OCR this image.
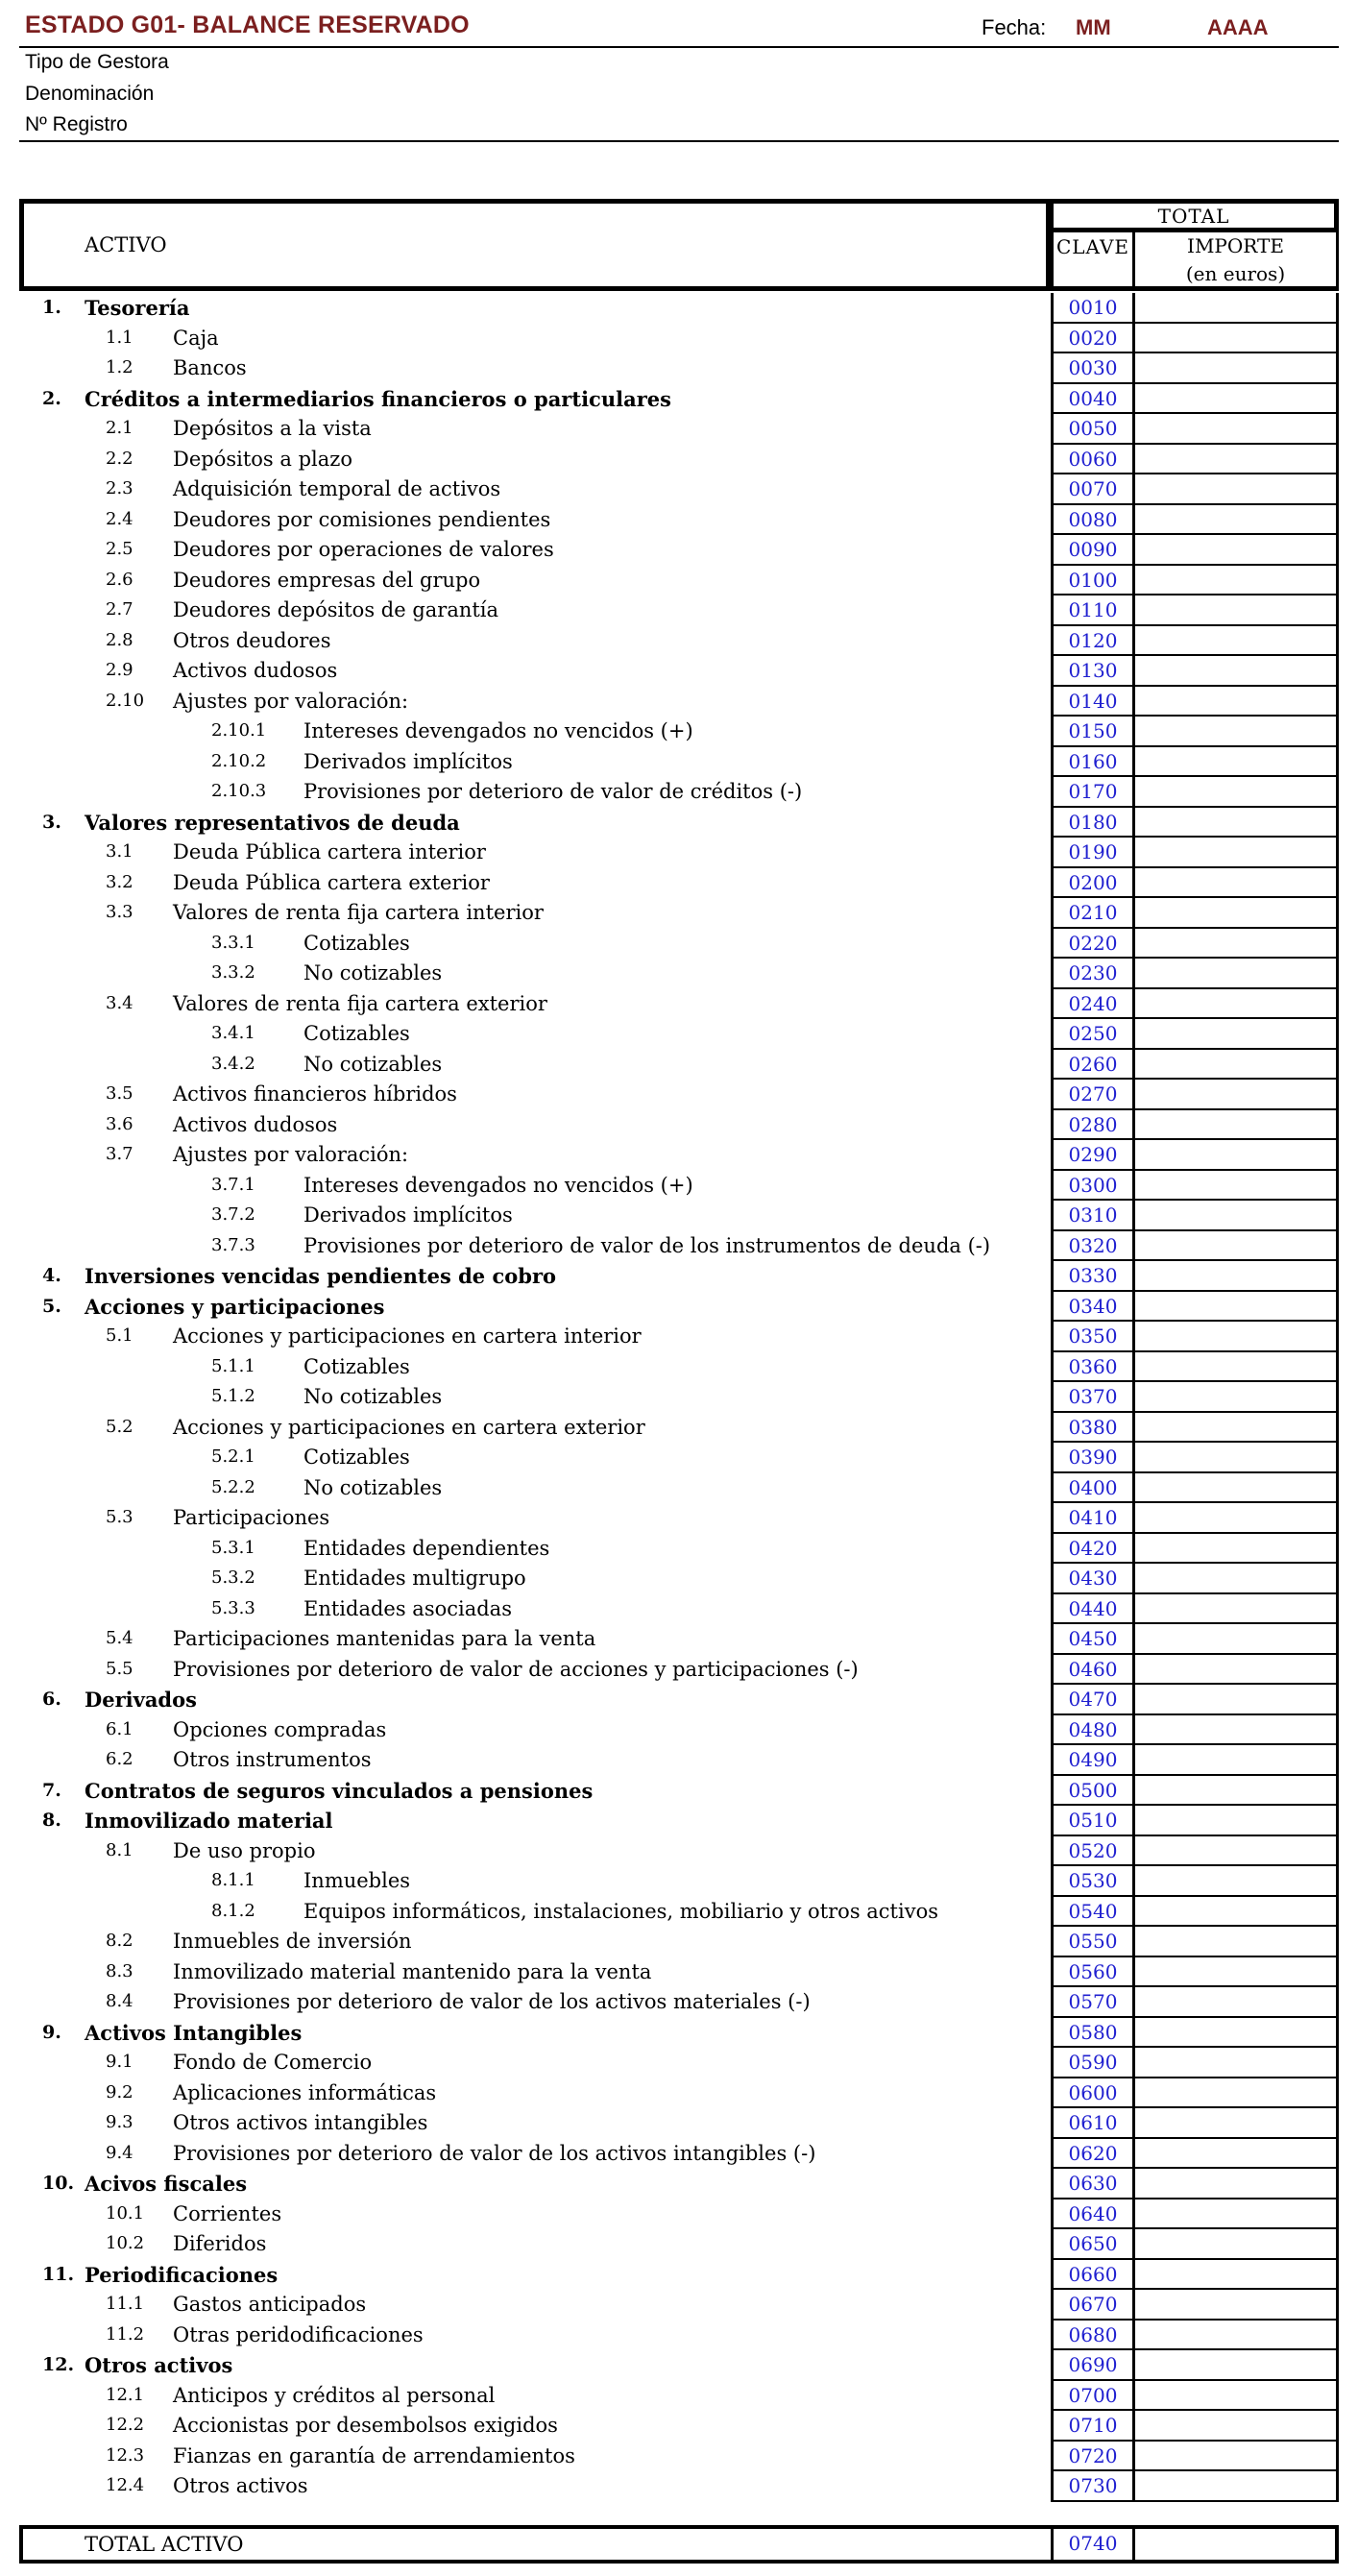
ESTADO G01- BALANCE RESERVADO	Fecha: MM	AAAA
Tipo de Gestora
Denominación
Nº Registro
ACTIVO
TOTAL
CLAVE	IMPORTE
(en euros)
1. Tesorería	0010
1.1 Caja	0020
1.2 Bancos	0030
2. Créditos a intermediarios financieros o particulares	0040
2.1 Depósitos a la vista	0050
2.2 Depósitos a plazo	0060
2.3 Adquisición temporal de activos	0070
2.4 Deudores por comisiones pendientes	0080
2.5 Deudores por operaciones de valores	0090
2.6 Deudores empresas del grupo	0100
2.7 Deudores depósitos de garantía	0110
2.8 Otros deudores	0120
2.9 Activos dudosos	0130
2.10 Ajustes por valoración:	0140
2.10.1 Intereses devengados no vencidos (+)	0150
2.10.2 Derivados implícitos	0160
2.10.3 Provisiones por deterioro de valor de créditos (-)	0170
3. Valores representativos de deuda	0180
3.1 Deuda Pública cartera interior	0190
3.2 Deuda Pública cartera exterior	0200
3.3 Valores de renta fija cartera interior	0210
3.3.1 Cotizables	0220
3.3.2 No cotizables	0230
3.4 Valores de renta fija cartera exterior	0240
3.4.1 Cotizables	0250
3.4.2 No cotizables	0260
3.5 Activos financieros híbridos	0270
3.6 Activos dudosos	0280
3.7 Ajustes por valoración:	0290
3.7.1 Intereses devengados no vencidos (+)	0300
3.7.2 Derivados implícitos	0310
3.7.3 Provisiones por deterioro de valor de los instrumentos de deuda (-)	0320
4. Inversiones vencidas pendientes de cobro	0330
5. Acciones y participaciones	0340
5.1 Acciones y participaciones en cartera interior	0350
5.1.1 Cotizables	0360
5.1.2 No cotizables	0370
5.2 Acciones y participaciones en cartera exterior	0380
5.2.1 Cotizables	0390
5.2.2 No cotizables	0400
5.3 Participaciones	0410
5.3.1 Entidades dependientes	0420
5.3.2 Entidades multigrupo	0430
5.3.3 Entidades asociadas	0440
5.4 Participaciones mantenidas para la venta	0450
5.5 Provisiones por deterioro de valor de acciones y participaciones (-)	0460
6. Derivados	0470
6.1 Opciones compradas	0480
6.2 Otros instrumentos	0490
7. Contratos de seguros vinculados a pensiones	0500
8. Inmovilizado material	0510
8.1 De uso propio	0520
8.1.1 Inmuebles	0530
8.1.2 Equipos informáticos, instalaciones, mobiliario y otros activos	0540
8.2 Inmuebles de inversión	0550
8.3 Inmovilizado material mantenido para la venta	0560
8.4 Provisiones por deterioro de valor de los activos materiales (-)	0570
9. Activos Intangibles	0580
9.1 Fondo de Comercio	0590
9.2 Aplicaciones informáticas	0600
9.3 Otros activos intangibles	0610
9.4 Provisiones por deterioro de valor de los activos intangibles (-)	0620
10. Acivos fiscales	0630
10.1 Corrientes	0640
10.2 Diferidos	0650
11. Periodificaciones	0660
11.1 Gastos anticipados	0670
11.2 Otras peridodificaciones	0680
12. Otros activos	0690
12.1 Anticipos y créditos al personal	0700
12.2 Accionistas por desembolsos exigidos	0710
12.3 Fianzas en garantía de arrendamientos	0720
12.4 Otros activos	0730
TOTAL ACTIVO	0740
